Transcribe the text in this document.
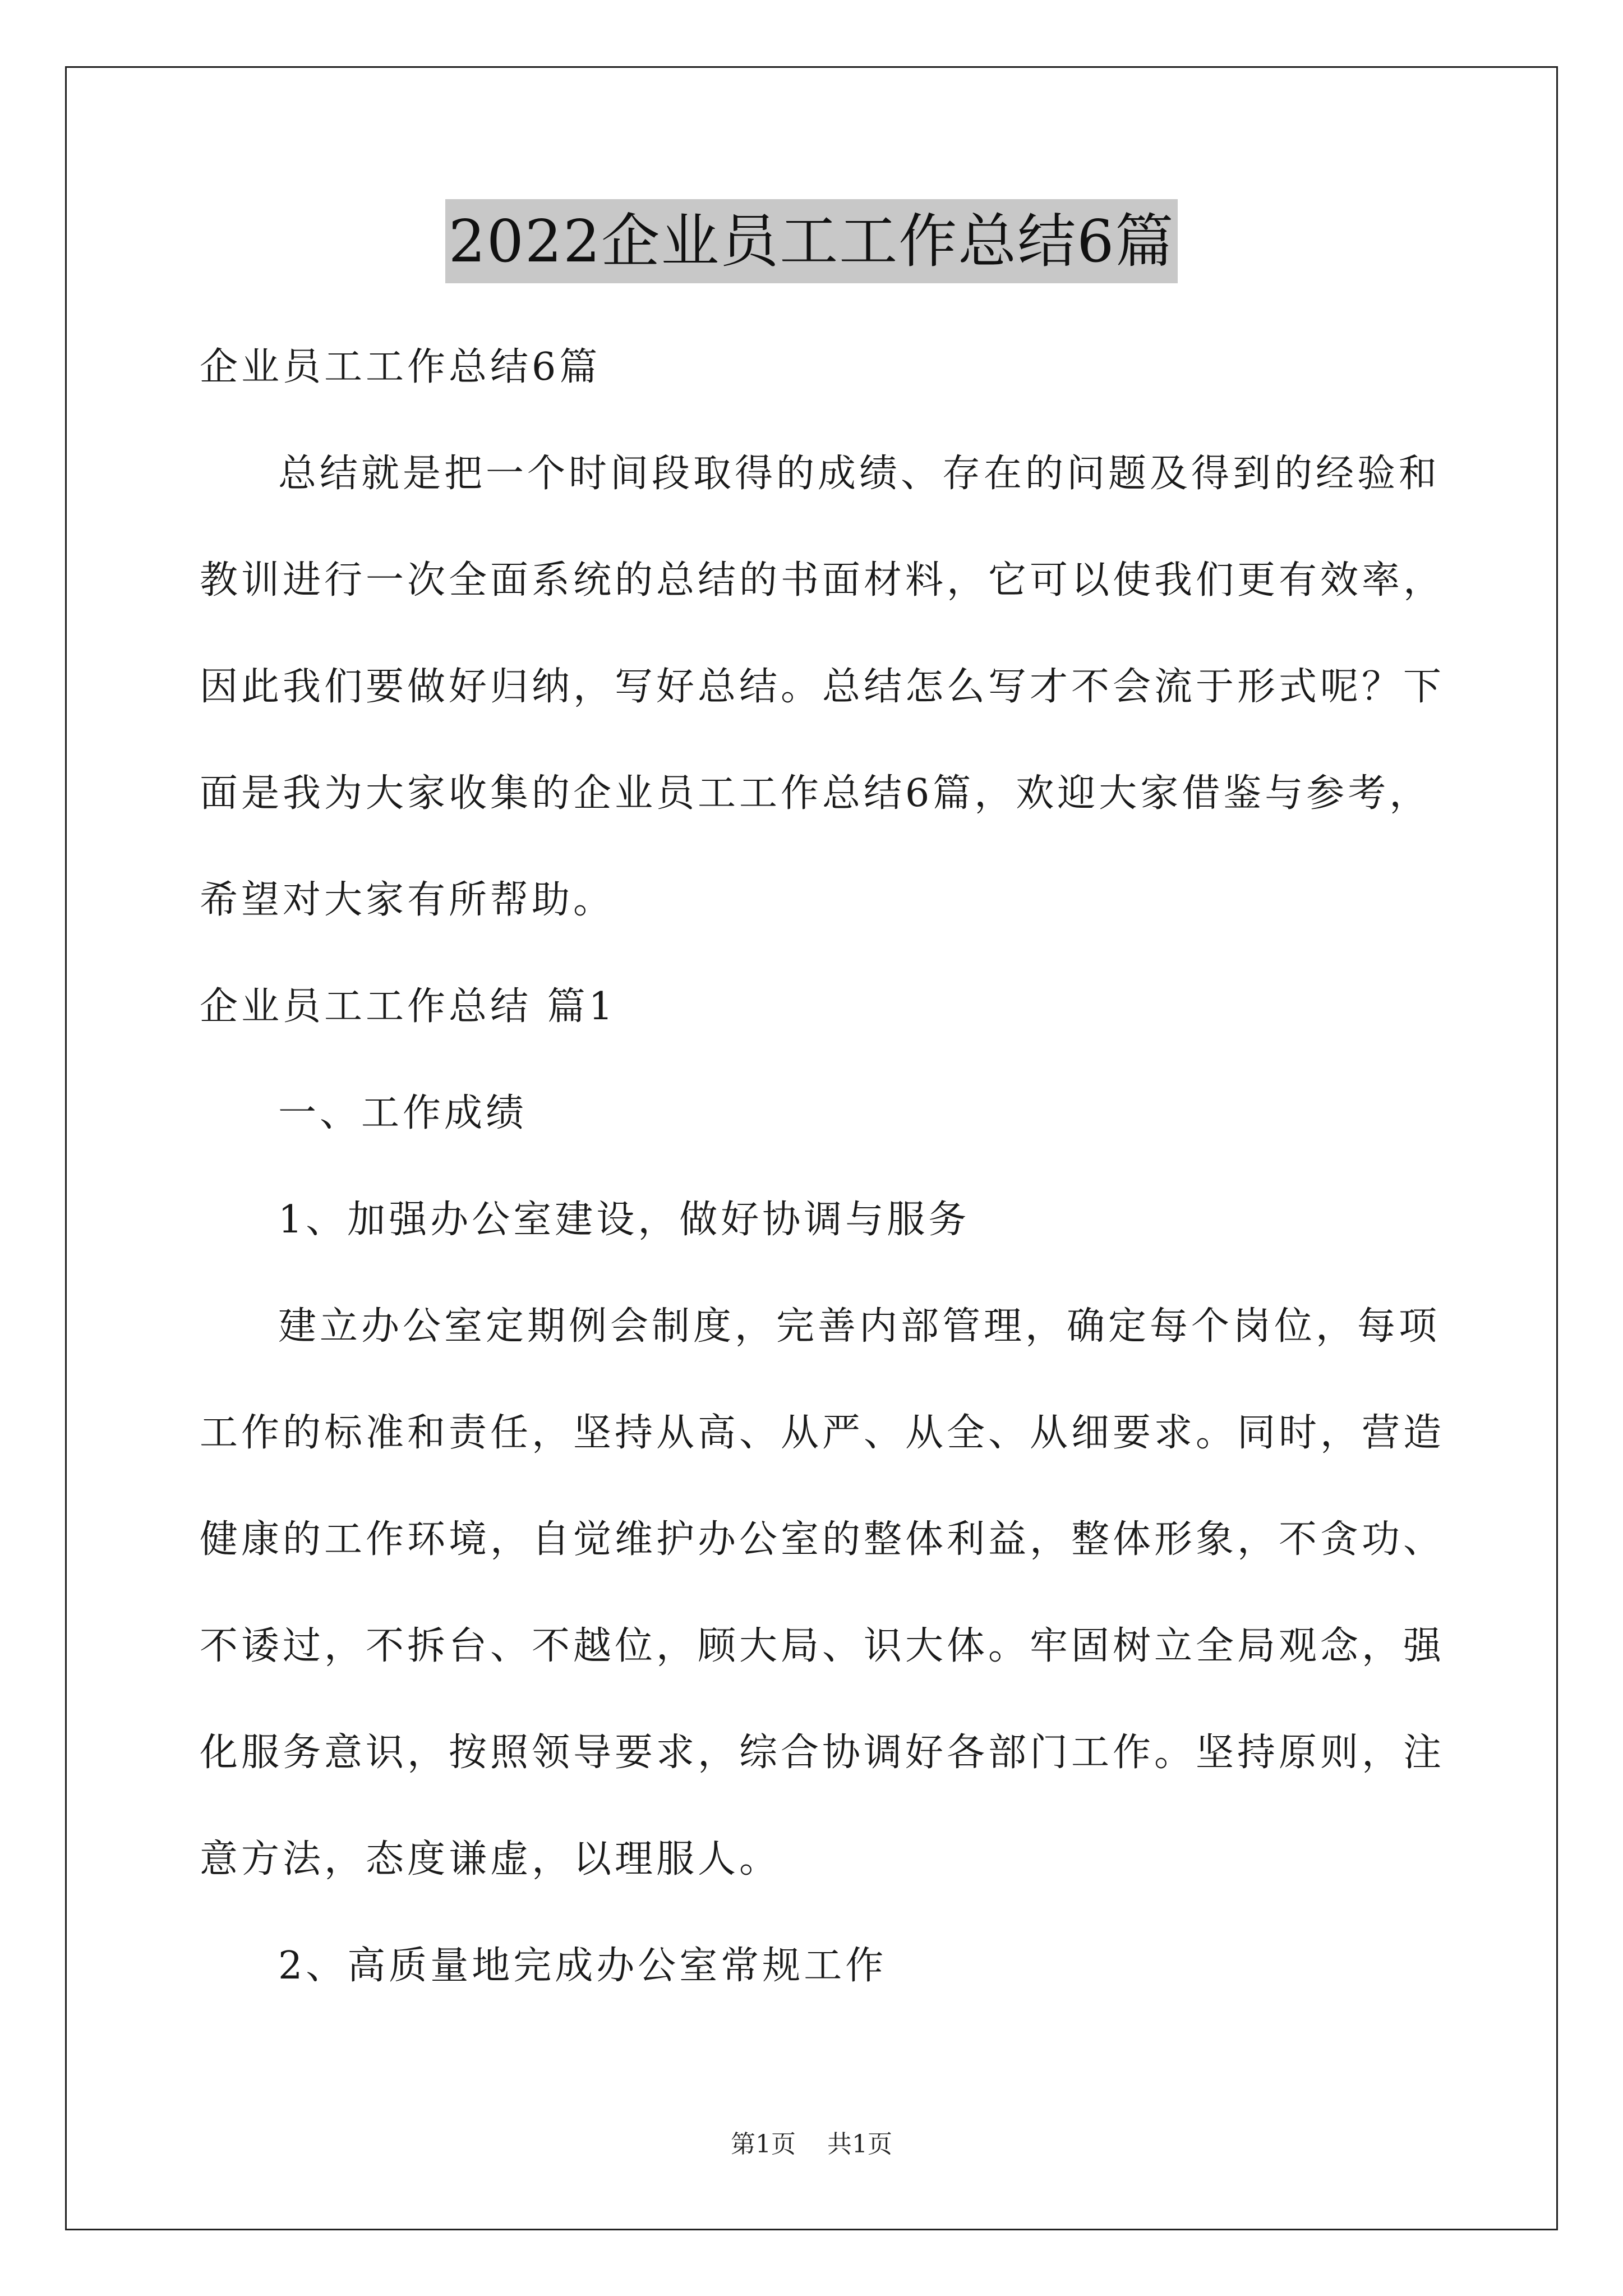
2022企业员工工作总结6篇
企业员工工作总结6篇
总结就是把一个时间段取得的成绩、存在的问题及得到的经验和
教训进行一次全面系统的总结的书面材料，它可以使我们更有效率，
因此我们要做好归纳，写好总结。总结怎么写才不会流于形式呢？下
面是我为大家收集的企业员工工作总结6篇，欢迎大家借鉴与参考，
希望对大家有所帮助。
企业员工工作总结 篇1
一、工作成绩
1、加强办公室建设，做好协调与服务
建立办公室定期例会制度，完善内部管理，确定每个岗位，每项
工作的标准和责任，坚持从高、从严、从全、从细要求。同时，营造
健康的工作环境，自觉维护办公室的整体利益，整体形象，不贪功、
不诿过，不拆台、不越位，顾大局、识大体。牢固树立全局观念，强
化服务意识，按照领导要求，综合协调好各部门工作。坚持原则，注
意方法，态度谦虚，以理服人。
2、高质量地完成办公室常规工作
第1页 共1页
